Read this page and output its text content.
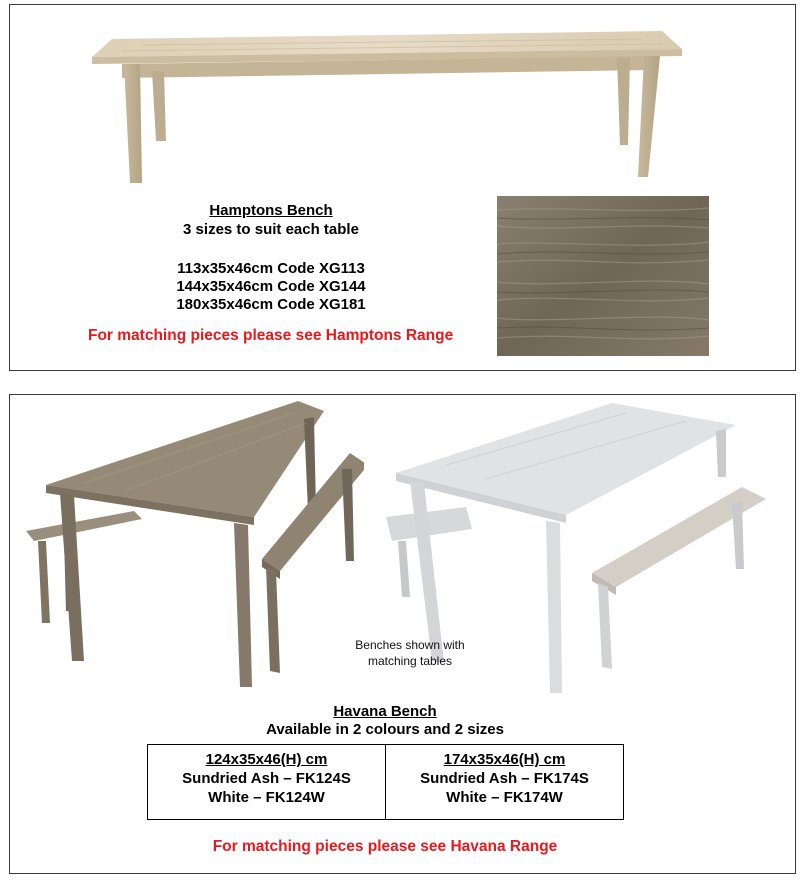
Hamptons Bench
3 sizes to suit each table
113x35x46cm Code XG113
144x35x46cm Code XG144
180x35x46cm Code XG181
For matching pieces please see Hamptons Range
Benches shown with
matching tables
Havana Bench
Available in 2 colours and 2 sizes
124x35x46(H) cm
Sundried Ash – FK124S
White – FK124W
174x35x46(H) cm
Sundried Ash – FK174S
White – FK174W
For matching pieces please see Havana Range
